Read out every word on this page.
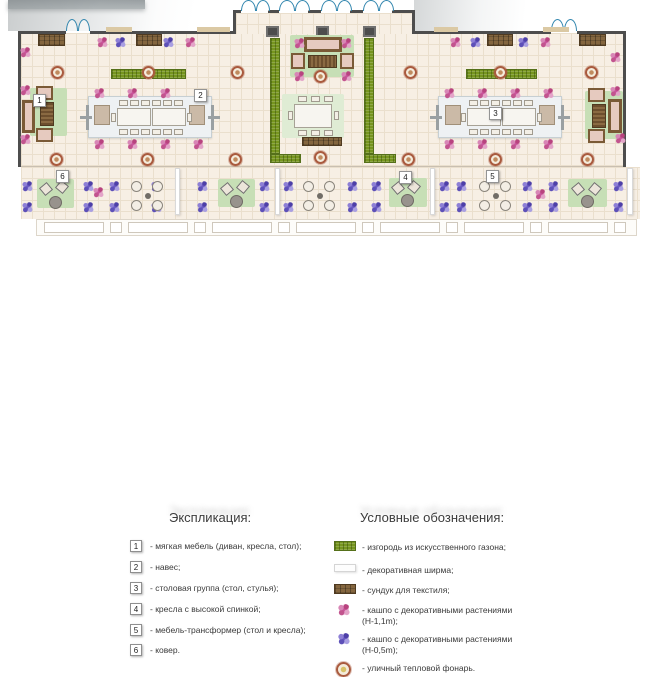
1
2
3
4	5
6
Экспликация:	Условные обозначения:
1	- мягкая мебель (диван, кресла, стол);
2	- навес;
3	- столовая группа (стол, стулья);
4	- кресла с высокой спинкой;
5	- мебель-трансформер (стол и кресла);
6	- ковер.
- изгородь из искусственного газона;
- декоративная ширма;
- сундук для текстиля;
- кашпо с декоративными растениями
(H-1,1m);
- кашпо с декоративными растениями
(H-0,5m);
- уличный тепловой фонарь.
